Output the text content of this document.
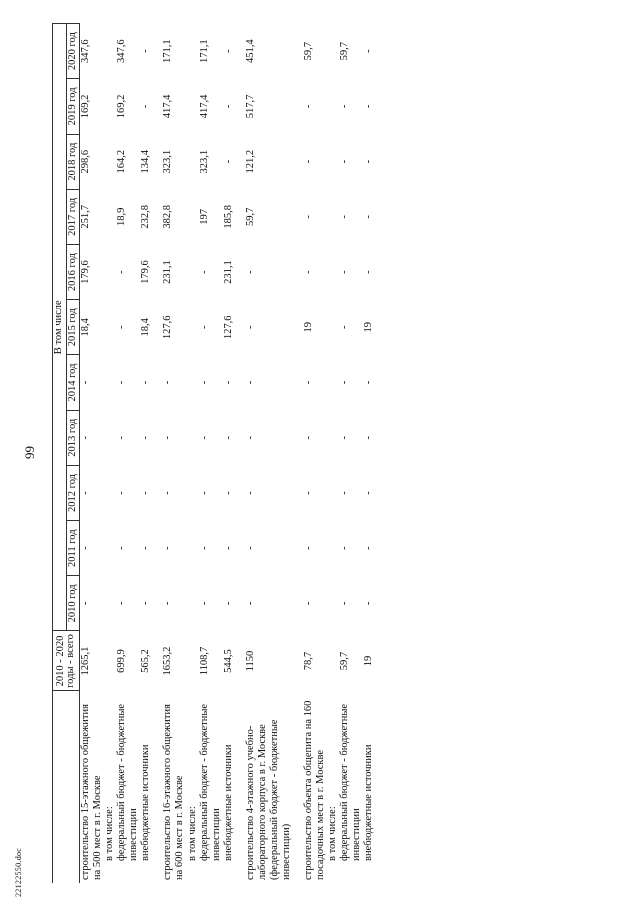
22122550.doc
99
	2010 - 2020 годы - всего	В том числе										
		2010 год	2011 год	2012 год	2013 год	2014 год	2015 год	2016 год	2017 год	2018 год	2019 год	2020 год
строительство 15-этажного общежития на 500 мест в г. Москве	1265,1	-	-	-	-	-	18,4	179,6	251,7	298,6	169,2	347,6
в том числе:												
федеральный бюджет - бюджетные инвестиции	699,9	-	-	-	-	-	-	-	18,9	164,2	169,2	347,6
внебюджетные источники	565,2	-	-	-	-	-	18,4	179,6	232,8	134,4	-	-
строительство 16-этажного общежития на 600 мест в г. Москве	1653,2	-	-	-	-	-	127,6	231,1	382,8	323,1	417,4	171,1
в том числе:												
федеральный бюджет - бюджетные инвестиции	1108,7	-	-	-	-	-	-	-	197	323,1	417,4	171,1
внебюджетные источники	544,5	-	-	-	-	-	127,6	231,1	185,8	-	-	-
строительство 4-этажного учебно-лабораторного корпуса в г. Москве (федеральный бюджет - бюджетные инвестиции)	1150	-	-	-	-	-	-	-	59,7	121,2	517,7	451,4
строительство объекта общепита на 160 посадочных мест в г. Москве	78,7	-	-	-	-	-	19	-	-	-	-	59,7
в том числе:												
федеральный бюджет - бюджетные инвестиции	59,7	-	-	-	-	-	-	-	-	-	-	59,7
внебюджетные источники	19	-	-	-	-	-	19	-	-	-	-	-
